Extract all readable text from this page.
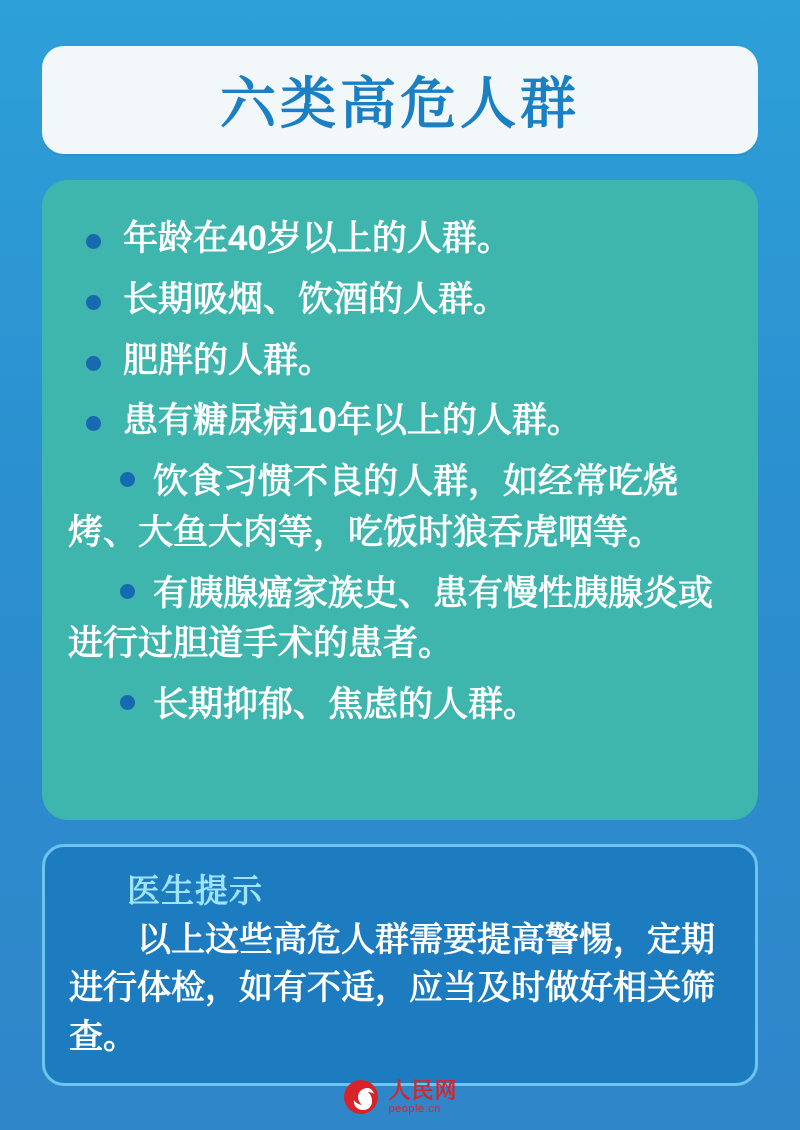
六类高危人群
年龄在40岁以上的人群。
长期吸烟、饮酒的人群。
肥胖的人群。
患有糖尿病10年以上的人群。
饮食习惯不良的人群，如经常吃烧烤、大鱼大肉等，吃饭时狼吞虎咽等。
有胰腺癌家族史、患有慢性胰腺炎或进行过胆道手术的患者。
长期抑郁、焦虑的人群。
医生提示
以上这些高危人群需要提高警惕，定期进行体检，如有不适，应当及时做好相关筛查。
人民网
people.cn
